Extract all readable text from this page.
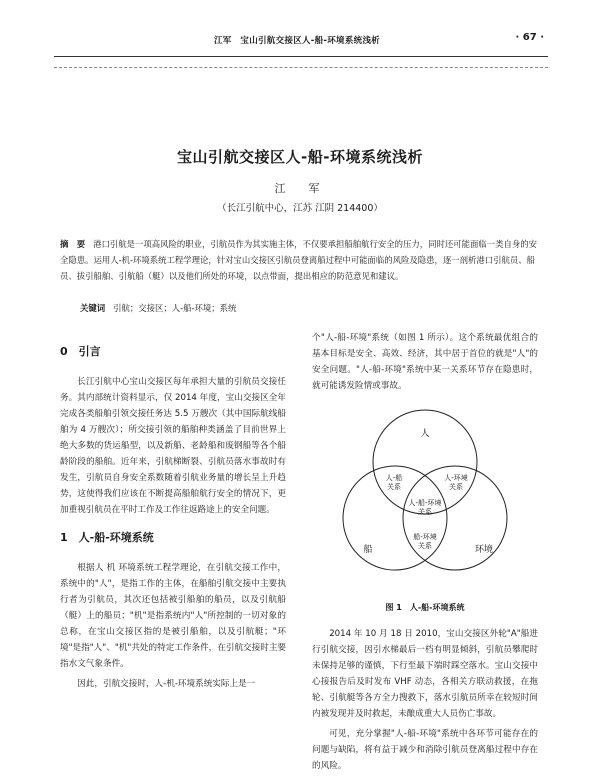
江军　宝山引航交接区人-船-环境系统浅析	· 67 ·
宝山引航交接区人-船-环境系统浅析
江　军
（长江引航中心，江苏 江阴 214400）
摘　要 港口引航是一项高风险的职业，引航员作为其实施主体，不仅要承担船舶航行安全的压力，同时还可能面临一类自身的安全隐患。运用人-机-环境系统工程学理论，针对宝山交接区引航员登离船过程中可能面临的风险及隐患，逐一剖析港口引航员、船员、拔引船舶、引航船（艇）以及他们所处的环境，以点带面，提出相应的防范意见和建议。
关键词 引航；交接区；人-船-环境；系统
0　引言

长江引航中心宝山交接区每年承担大量的引航员交接任务。其内部统计资料显示，仅 2014 年度，宝山交接区全年完成各类船舶引领交接任务达 5.5 万艘次（其中国际航线船舶为 4 万艘次）；所交接引领的船舶种类涵盖了目前世界上绝大多数的货运船型，以及新船、老龄船和废钢船等各个船龄阶段的船舶。近年来，引航梯断裂、引航员落水事故时有发生，引航员自身安全系数随着引航业务量的增长呈上升趋势，这使得我们应该在不断提高船舶航行安全的情况下，更加重视引航员在平时工作及工作往返路途上的安全问题。

1　人-船-环境系统

根据人 机 环境系统工程学理论，在引航交接工作中，系统中的"人"，是指工作的主体，在船舶引航交接中主要执行者为引航员，其次还包括被引船舶的船员，以及引航船（艇）上的船员；"机"是指系统内"人"所控制的一切对象的总称，在宝山交接区指的是被引船舶，以及引航艇；"环境"是指"人"、"机"共处的特定工作条件，在引航交接时主要指水文气象条件。

因此，引航交接时，人-机-环境系统实际上是一

个"人-船-环境"系统（如图 1 所示）。这个系统最优组合的基本目标是安全、高效、经济，其中居于首位的就是"人"的安全问题。"人-船-环境"系统中某一关系环节存在隐患时，就可能诱发险情或事故。

人
船	环境
人-船
关系
人-环境
关系
船-环境
关系
人-船-环境
关系
图 1　人-船-环境系统

2014 年 10 月 18 日 2010，宝山交接区外轮"A"船进行引航交接，因引水梯最后一档有明显倾斜，引航员攀爬时未保持足够的谨慎，下行至最下端时踩空落水。宝山交接中心接报告后及时发布 VHF 动态，各相关方联动救援，在拖轮、引航艇等各方全力搜救下，落水引航员所幸在较短时间内被发现并及时救起，未酿成重大人员伤亡事故。

可见，充分掌握"人-船-环境"系统中各环节可能存在的问题与缺陷，将有益于减少和消除引航员登离船过程中存在的风险。
